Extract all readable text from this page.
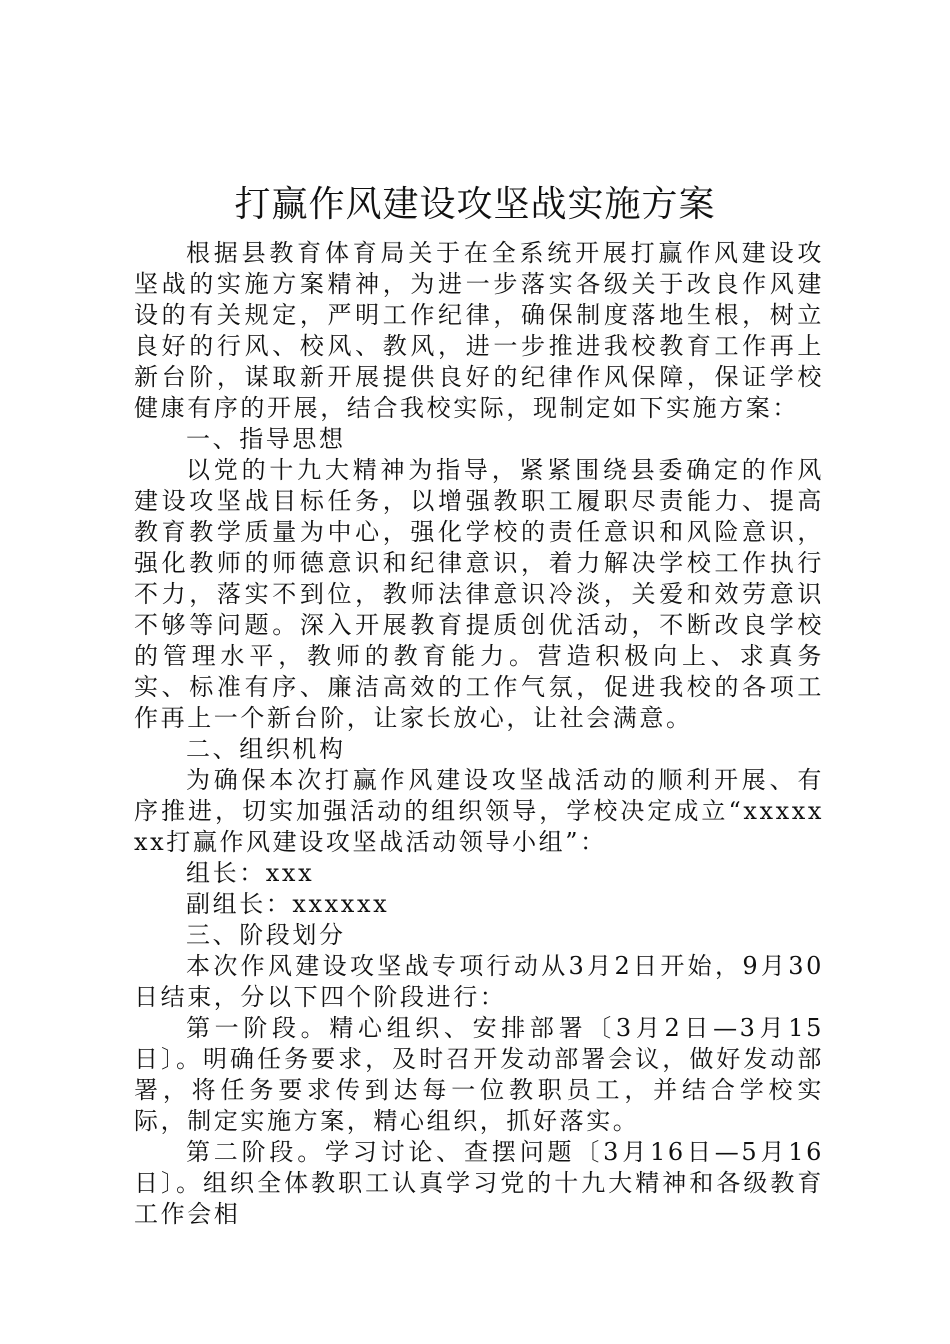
打赢作风建设攻坚战实施方案

根据县教育体育局关于在全系统开展打赢作风建设攻坚战的实施方案精神，为进一步落实各级关于改良作风建设的有关规定，严明工作纪律，确保制度落地生根，树立良好的行风、校风、教风，进一步推进我校教育工作再上新台阶，谋取新开展提供良好的纪律作风保障，保证学校健康有序的开展，结合我校实际，现制定如下实施方案：

一、指导思想

以党的十九大精神为指导，紧紧围绕县委确定的作风建设攻坚战目标任务，以增强教职工履职尽责能力、提高教育教学质量为中心，强化学校的责任意识和风险意识，强化教师的师德意识和纪律意识，着力解决学校工作执行不力，落实不到位，教师法律意识冷淡，关爱和效劳意识不够等问题。深入开展教育提质创优活动，不断改良学校的管理水平，教师的教育能力。营造积极向上、求真务实、标准有序、廉洁高效的工作气氛，促进我校的各项工作再上一个新台阶，让家长放心，让社会满意。

二、组织机构

为确保本次打赢作风建设攻坚战活动的顺利开展、有序推进，切实加强活动的组织领导，学校决定成立“xxxxxxx打赢作风建设攻坚战活动领导小组”：

组长：xxx

副组长：xxxxxx

三、阶段划分

本次作风建设攻坚战专项行动从3月2日开始，9月30日结束，分以下四个阶段进行：

第一阶段。精心组织、安排部署〔3月2日—3月15日〕。明确任务要求，及时召开发动部署会议，做好发动部署，将任务要求传到达每一位教职员工，并结合学校实际，制定实施方案，精心组织，抓好落实。

第二阶段。学习讨论、查摆问题〔3月16日—5月16日〕。组织全体教职工认真学习党的十九大精神和各级教育工作会相
